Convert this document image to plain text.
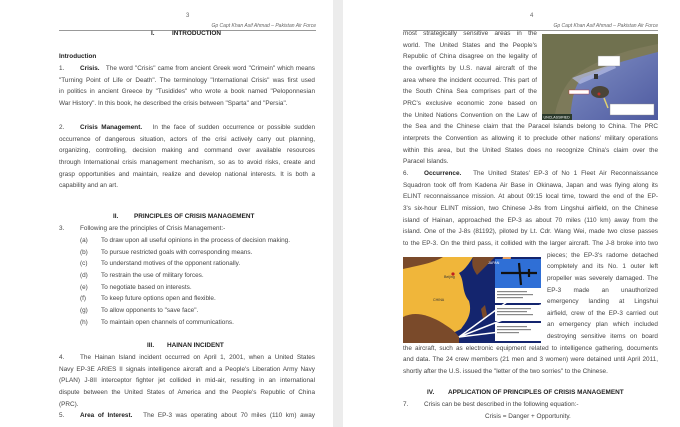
3
Gp Capt Khan Asif Ahmad – Pakistan Air Force
I.	INTRODUCTION
Introduction
1. Crisis. The word "Crisis" came from ancient Greek word "Crimein" which means
"Turning Point of Life or Death". The terminology "International Crisis" was first used
in politics in ancient Greece by "Tusidides" who wrote a book named "Peloponnesian
War History". In this book, he described the crisis between "Sparta" and "Persia".
2. Crisis Management. In the face of sudden occurrence or possible sudden
occurrence of dangerous situation, actors of the crisi actively carry out planning,
organizing, controlling, decision making and command over available resources
through International crisis management mechanism, so as to avoid risks, create and
grasp opportunities and maintain, realize and develop national interests. It is both a
capability and an art.
II. PRINCIPLES OF CRISIS MANAGEMENT
3. Following are the principles of Crisis Management:-
(a) To draw upon all useful opinions in the process of decision making.
(b) To pursue restricted goals with corresponding means.
(c) To understand motives of the opponent rationally.
(d) To restrain the use of military forces.
(e) To negotiate based on interests.
(f) To keep future options open and flexible.
(g) To allow opponents to "save face".
(h) To maintain open channels of communications.
III. HAINAN INCIDENT
4. The Hainan Island incident occurred on April 1, 2001, when a United States
Navy EP-3E ARIES II signals intelligence aircraft and a People's Liberation Army Navy
(PLAN) J-8II interceptor fighter jet collided in mid-air, resulting in an international
dispute between the United States of America and the People's Republic of China
(PRC).
5. Area of Interest. The EP-3 was operating about 70 miles (110 km) away
4
Gp Capt Khan Asif Ahmad – Pakistan Air Force
UNCLASSIFIED
JAPAN
Beijing
CHINA
most strategically sensitive areas in the
world. The United States and the People's
Republic of China disagree on the legality of
the overflights by U.S. naval aircraft of the
area where the incident occurred. This part of
the South China Sea comprises part of the
PRC's exclusive economic zone based on
the United Nations Convention on the Law of
the Sea and the Chinese claim that the Paracel Islands belong to China. The PRC
interprets the Convention as allowing it to preclude other nations' military operations
within this area, but the United States does no recognize China's claim over the
Paracel Islands.
6. Occurrence. The United States' EP-3 of No 1 Fleet Air Reconnaissance
Squadron took off from Kadena Air Base in Okinawa, Japan and was flying along its
ELINT reconnaissance mission. At about 09:15 local time, toward the end of the EP-
3's six-hour ELINT mission, two Chinese J-8s from Lingshui airfield, on the Chinese
island of Hainan, approached the EP-3 as about 70 miles (110 km) away from the
island. One of the J-8s (81192), piloted by Lt. Cdr. Wang Wei, made two close passes
to the EP-3. On the third pass, it collided with the larger aircraft. The J-8 broke into two
pieces; the EP-3's radome detached
completely and its No. 1 outer left
propeller was severely damaged. The
EP-3 made an unauthorized
emergency landing at Lingshui
airfield, crew of the EP-3 carried out
an emergency plan which included
destroying sensitive items on board
the aircraft, such as electronic equipment related to intelligence gathering, documents
and data. The 24 crew members (21 men and 3 women) were detained until April 2011,
shortly after the U.S. issued the "letter of the two sorries" to the Chinese.
IV. APPLICATION OF PRINCIPLES OF CRISIS MANAGEMENT
7. Crisis can be best described in the following equation:-
Crisis = Danger + Opportunity.
